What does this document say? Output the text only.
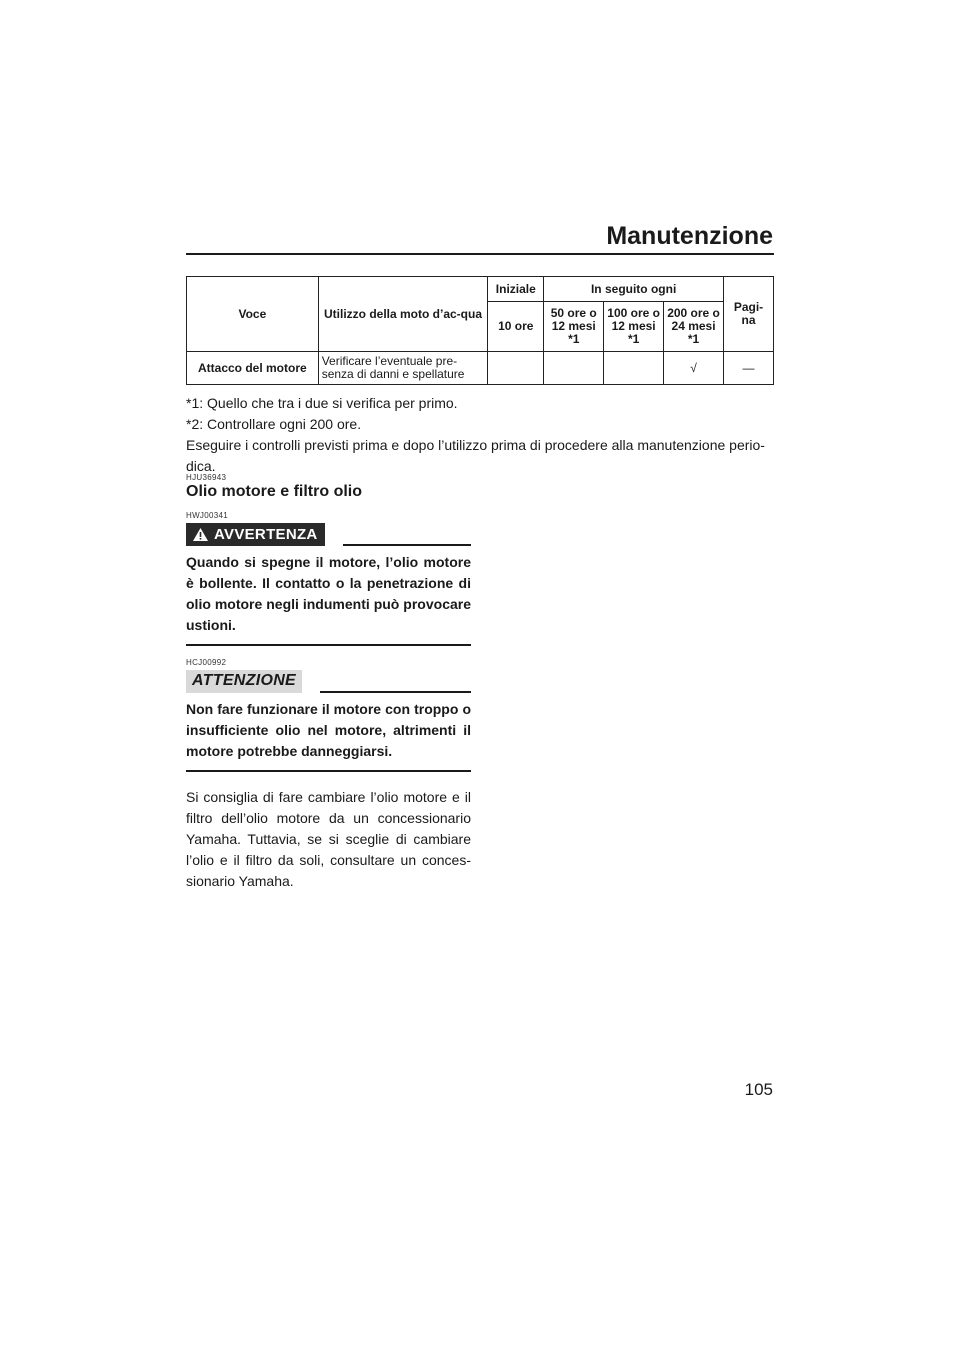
Manutenzione
Voce	Utilizzo della moto d’ac-qua	Iniziale	In seguito ogni			Pagi-na
		10 ore	50 ore o 12 mesi *1	100 ore o 12 mesi *1	200 ore o 24 mesi *1	
Attacco del motore	Verificare l’eventuale pre-senza di danni e spellature				√	—

*1: Quello che tra i due si verifica per primo.

*2: Controllare ogni 200 ore.

Eseguire i controlli previsti prima e dopo l’utilizzo prima di procedere alla manutenzione perio-dica.

HJU36943
Olio motore e filtro olio
HWJ00341
AVVERTENZA

Quando si spegne il motore, l’olio motore è bollente. Il contatto o la penetrazione di olio motore negli indumenti può provocare ustioni.

HCJ00992
ATTENZIONE

Non fare funzionare il motore con troppo o insufficiente olio nel motore, altrimenti il motore potrebbe danneggiarsi.

Si consiglia di fare cambiare l’olio motore e il filtro dell’olio motore da un concessionario Yamaha. Tuttavia, se si sceglie di cambiare l’olio e il filtro da soli, consultare un conces-sionario Yamaha.

105
